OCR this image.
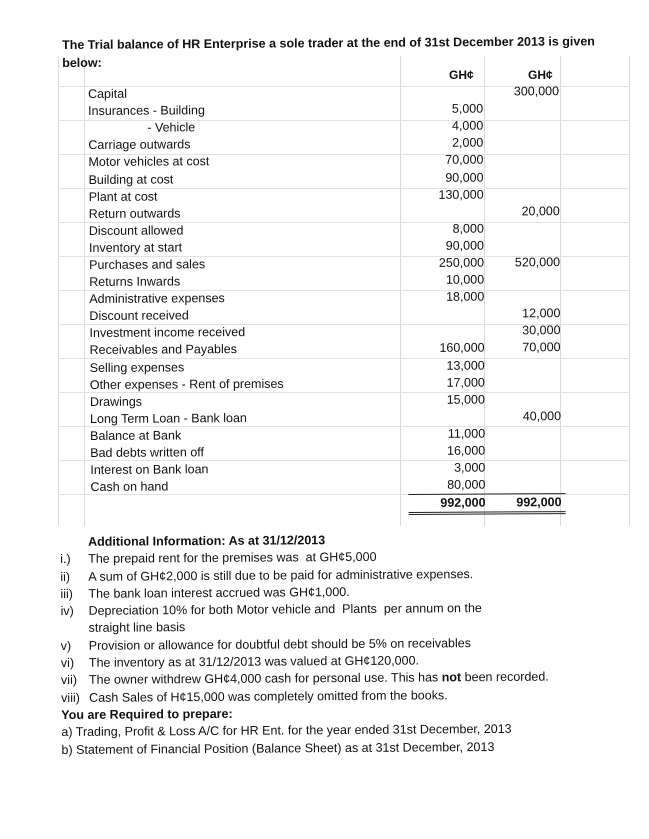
The Trial balance of HR Enterprise a sole trader at the end of 31st December 2013 is given below:
GH¢	GH¢
Capital		300,000
Insurances - Building	5,000	
- Vehicle	4,000	
Carriage outwards	2,000	
Motor vehicles at cost	70,000	
Building at cost	90,000	
Plant at cost	130,000	
Return outwards		20,000
Discount allowed	8,000	
Inventory at start	90,000	
Purchases and sales	250,000	520,000
Returns Inwards	10,000	
Administrative expenses	18,000	
Discount received		12,000
Investment income received		30,000
Receivables and Payables	160,000	70,000
Selling expenses	13,000	
Other expenses - Rent of premises	17,000	
Drawings	15,000	
Long Term Loan - Bank loan		40,000
Balance at Bank	11,000	
Bad debts written off	16,000	
Interest on Bank loan	3,000	
Cash on hand	80,000	

	992,000	992,000
Additional Information: As at 31/12/2013
i.)	The prepaid rent for the premises was  at GH¢5,000
ii)	A sum of GH¢2,000 is still due to be paid for administrative expenses.
iii)	The bank loan interest accrued was GH¢1,000.
iv)	Depreciation 10% for both Motor vehicle and  Plants  per annum on the
straight line basis
v)	Provision or allowance for doubtful debt should be 5% on receivables
vi)	The inventory as at 31/12/2013 was valued at GH¢120,000.
vii) The owner withdrew GH¢4,000 cash for personal use. This has not been recorded.
viii) Cash Sales of H¢15,000 was completely omitted from the books.
You are Required to prepare:
a) Trading, Profit & Loss A/C for HR Ent. for the year ended 31st December, 2013
b) Statement of Financial Position (Balance Sheet) as at 31st December, 2013
